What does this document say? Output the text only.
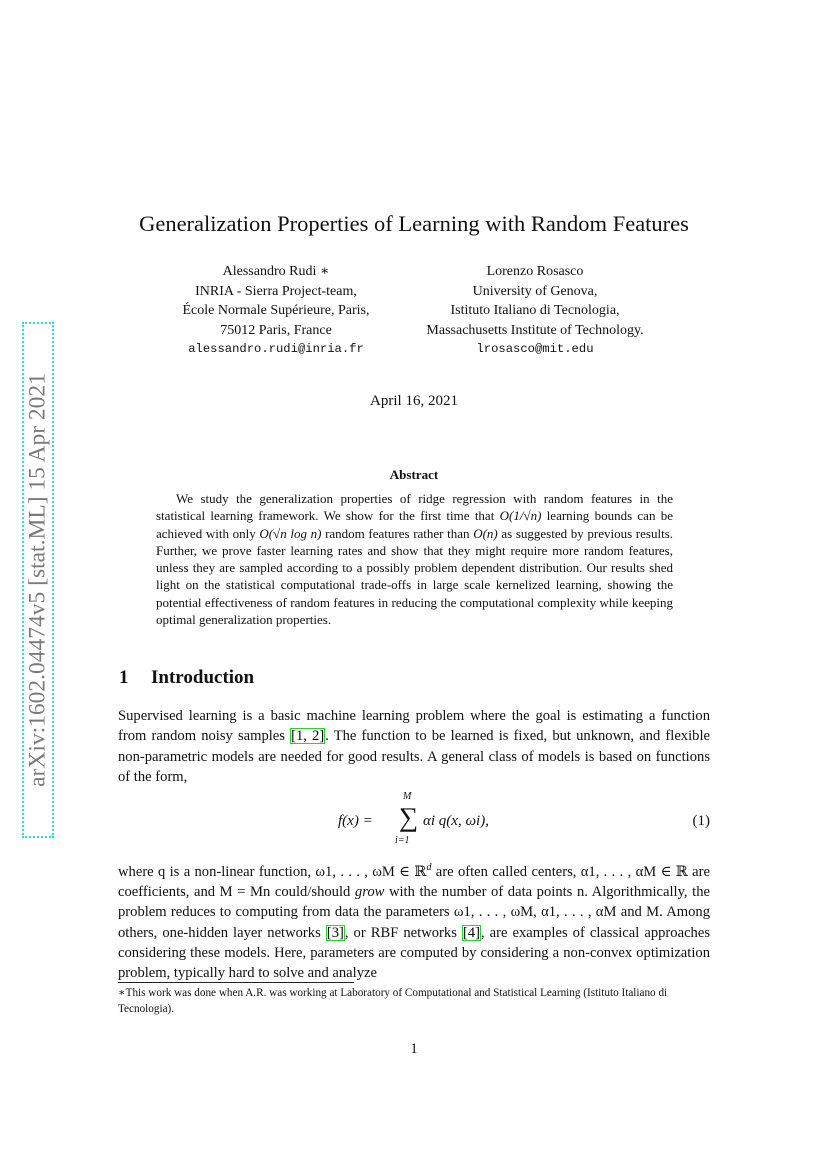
arXiv:1602.04474v5 [stat.ML] 15 Apr 2021
Generalization Properties of Learning with Random Features
Alessandro Rudi ∗
INRIA - Sierra Project-team,
École Normale Supérieure, Paris,
75012 Paris, France
alessandro.rudi@inria.fr
Lorenzo Rosasco
University of Genova,
Istituto Italiano di Tecnologia,
Massachusetts Institute of Technology.
lrosasco@mit.edu
April 16, 2021
Abstract

We study the generalization properties of ridge regression with random features in the statistical learning framework. We show for the first time that O(1/√n) learning bounds can be achieved with only O(√n log n) random features rather than O(n) as suggested by previous results. Further, we prove faster learning rates and show that they might require more random features, unless they are sampled according to a possibly problem dependent distribution. Our results shed light on the statistical computational trade-offs in large scale kernelized learning, showing the potential effectiveness of random features in reducing the computational complexity while keeping optimal generalization properties.

1 Introduction

Supervised learning is a basic machine learning problem where the goal is estimating a function from random noisy samples [1, 2]. The function to be learned is fixed, but unknown, and flexible non-parametric models are needed for good results. A general class of models is based on functions of the form,

f(x) =
M
∑
i=1
αi q(x, ωi),	(1)

where q is a non-linear function, ω1, . . . , ωM ∈ ℝ$^d$ are often called centers, α1, . . . , αM ∈ ℝ are coefficients, and M = Mn could/should grow with the number of data points n. Algorithmically, the problem reduces to computing from data the parameters ω1, . . . , ωM, α1, . . . , αM and M. Among others, one-hidden layer networks [3], or RBF networks [4], are examples of classical approaches considering these models. Here, parameters are computed by considering a non-convex optimization problem, typically hard to solve and analyze

∗This work was done when A.R. was working at Laboratory of Computational and Statistical Learning (Istituto Italiano di Tecnologia).
1
